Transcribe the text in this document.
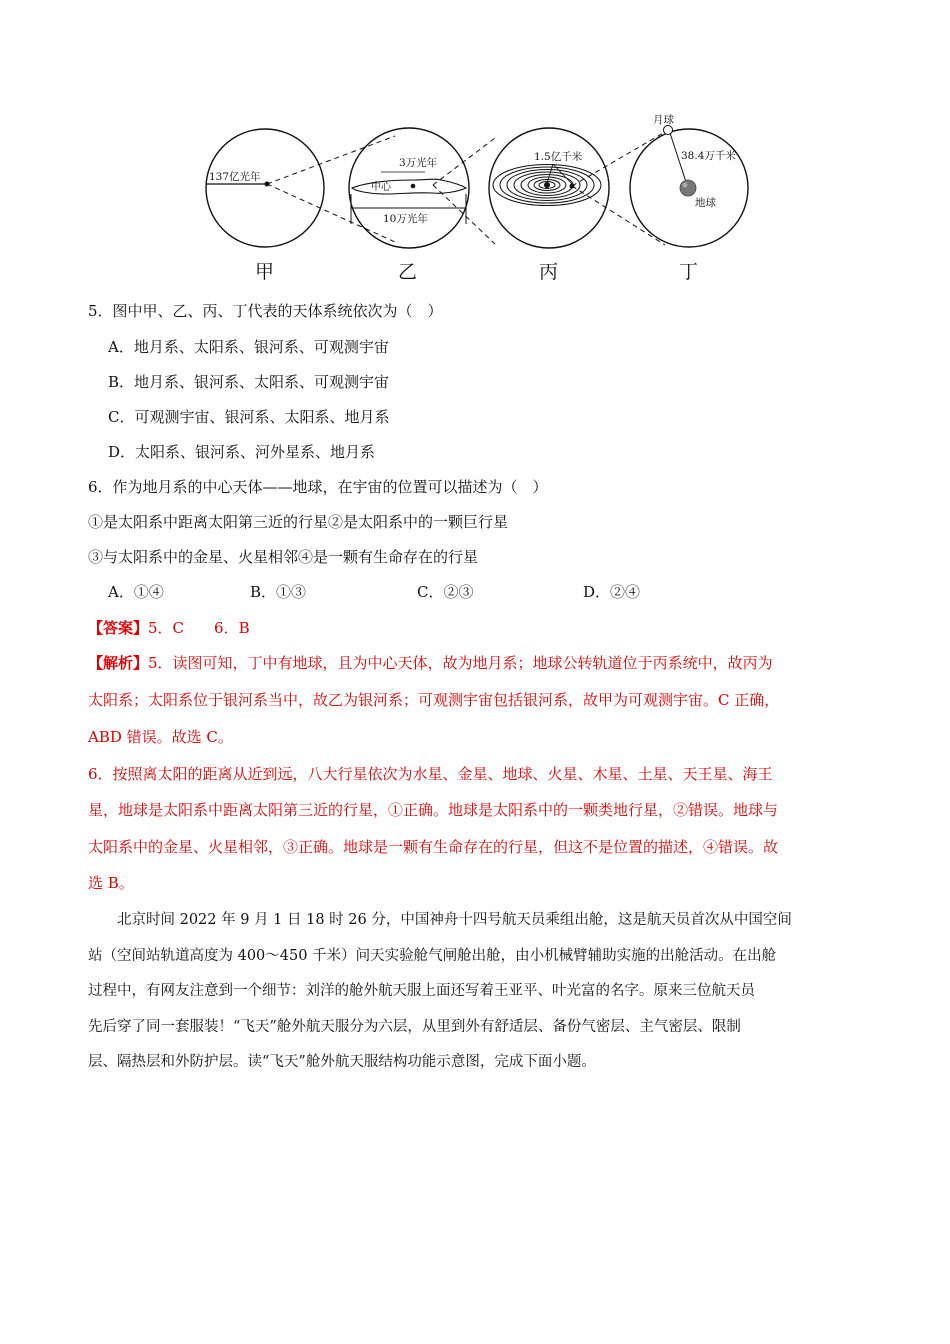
137亿光年
3万光年
中心
10万光年
1.5亿千米
月球
38.4万千米
地球
甲	乙	丙	丁
5．图中甲、乙、丙、丁代表的天体系统依次为（　）
A．地月系、太阳系、银河系、可观测宇宙
B．地月系、银河系、太阳系、可观测宇宙
C．可观测宇宙、银河系、太阳系、地月系
D．太阳系、银河系、河外星系、地月系
6．作为地月系的中心天体——地球，在宇宙的位置可以描述为（　）
①是太阳系中距离太阳第三近的行星②是太阳系中的一颗巨行星
③与太阳系中的金星、火星相邻④是一颗有生命存在的行星
A．①④	B．①③	C．②③	D．②④
【答案】5．C　　6．B
【解析】5．读图可知，丁中有地球，且为中心天体，故为地月系；地球公转轨道位于丙系统中，故丙为
太阳系；太阳系位于银河系当中，故乙为银河系；可观测宇宙包括银河系，故甲为可观测宇宙。C 正确，
ABD 错误。故选 C。
6．按照离太阳的距离从近到远，八大行星依次为水星、金星、地球、火星、木星、土星、天王星、海王
星，地球是太阳系中距离太阳第三近的行星，①正确。地球是太阳系中的一颗类地行星，②错误。地球与
太阳系中的金星、火星相邻，③正确。地球是一颗有生命存在的行星，但这不是位置的描述，④错误。故
选 B。

　　北京时间 2022 年 9 月 1 日 18 时 26 分，中国神舟十四号航天员乘组出舱，这是航天员首次从中国空间

站（空间站轨道高度为 400～450 千米）问天实验舱气闸舱出舱，由小机械臂辅助实施的出舱活动。在出舱

过程中，有网友注意到一个细节：刘洋的舱外航天服上面还写着王亚平、叶光富的名字。原来三位航天员

先后穿了同一套服装！“飞天”舱外航天服分为六层，从里到外有舒适层、备份气密层、主气密层、限制

层、隔热层和外防护层。读“飞天”舱外航天服结构功能示意图，完成下面小题。
